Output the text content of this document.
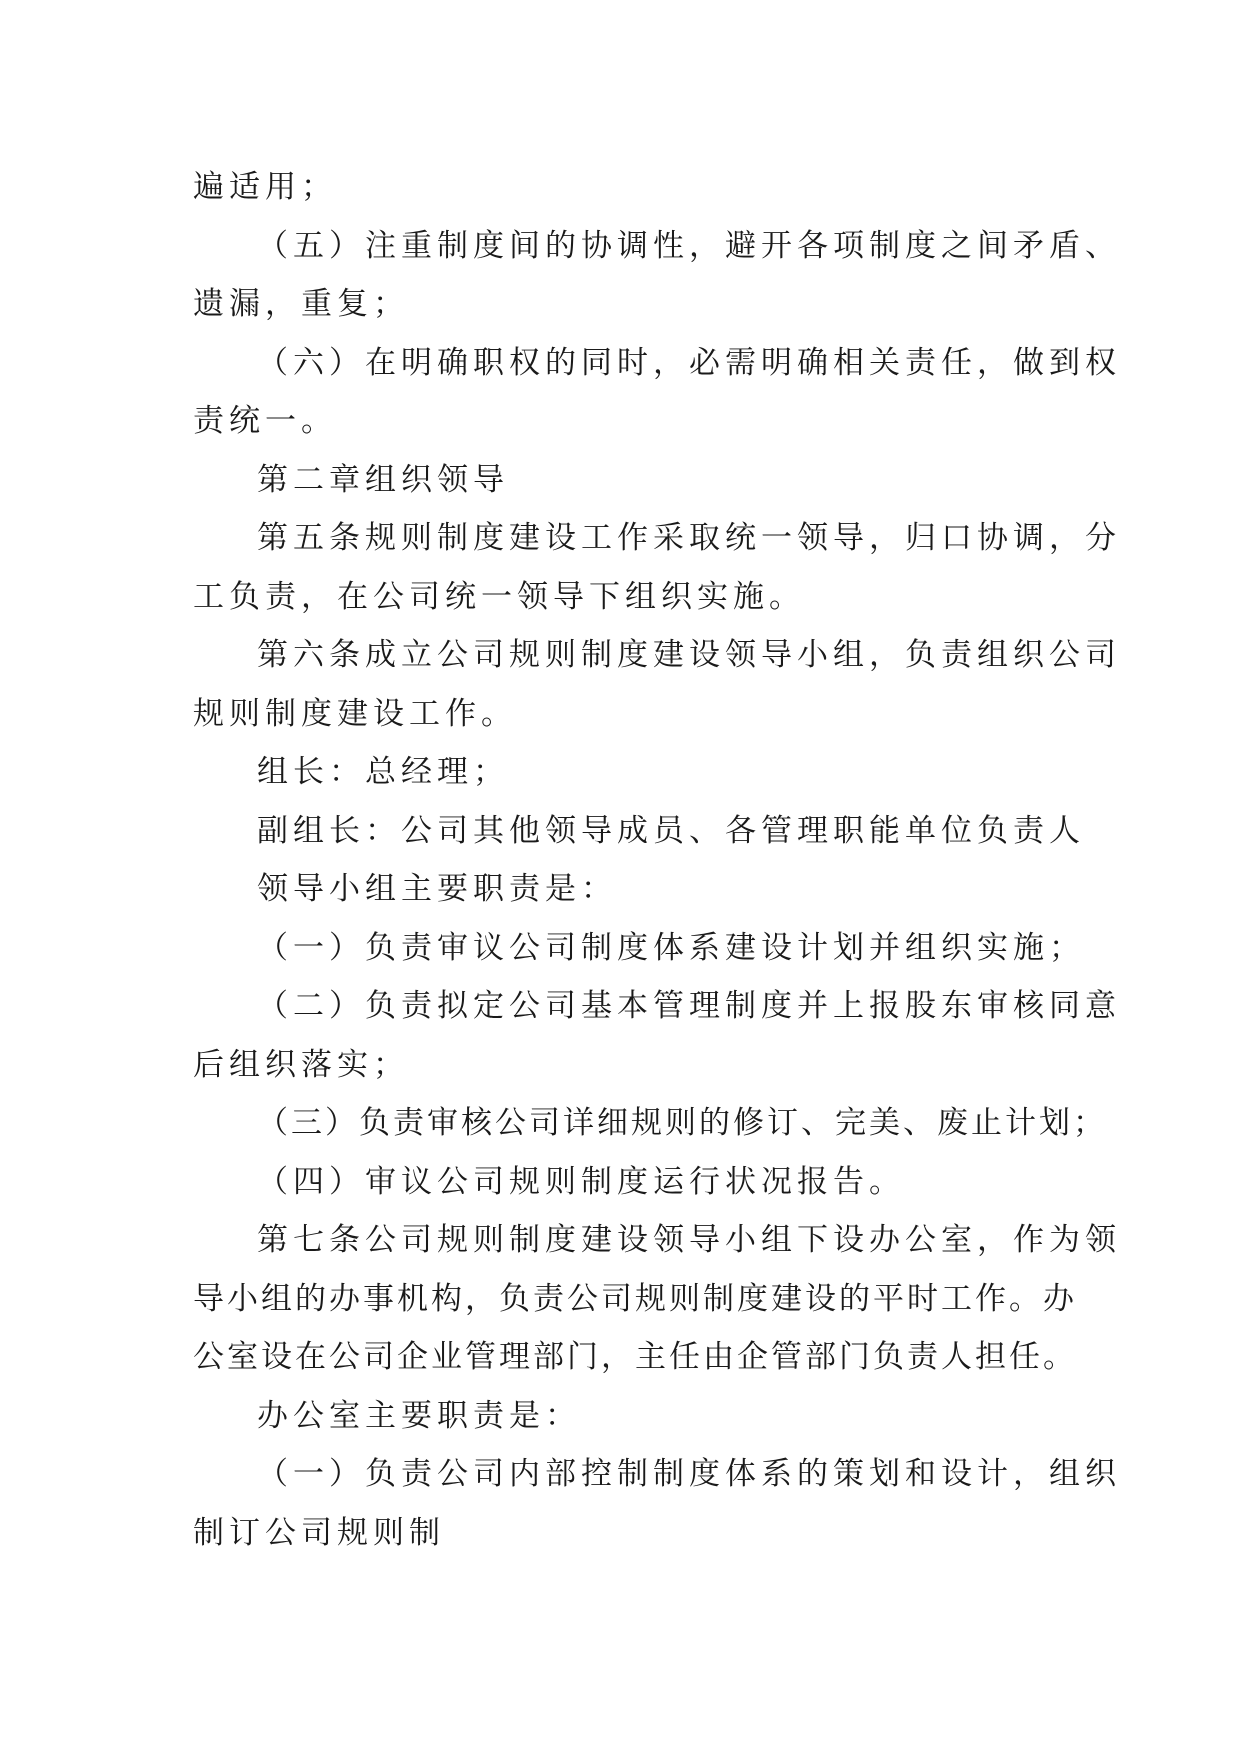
遍适用；
（五）注重制度间的协调性，避开各项制度之间矛盾、
遗漏，重复；
（六）在明确职权的同时，必需明确相关责任，做到权
责统一。
第二章组织领导
第五条规则制度建设工作采取统一领导，归口协调，分
工负责，在公司统一领导下组织实施。
第六条成立公司规则制度建设领导小组，负责组织公司
规则制度建设工作。
组长：总经理；
副组长：公司其他领导成员、各管理职能单位负责人
领导小组主要职责是：
（一）负责审议公司制度体系建设计划并组织实施；
（二）负责拟定公司基本管理制度并上报股东审核同意
后组织落实；
（三）负责审核公司详细规则的修订、完美、废止计划；
（四）审议公司规则制度运行状况报告。
第七条公司规则制度建设领导小组下设办公室，作为领
导小组的办事机构，负责公司规则制度建设的平时工作。办
公室设在公司企业管理部门，主任由企管部门负责人担任。
办公室主要职责是：
（一）负责公司内部控制制度体系的策划和设计，组织
制订公司规则制
